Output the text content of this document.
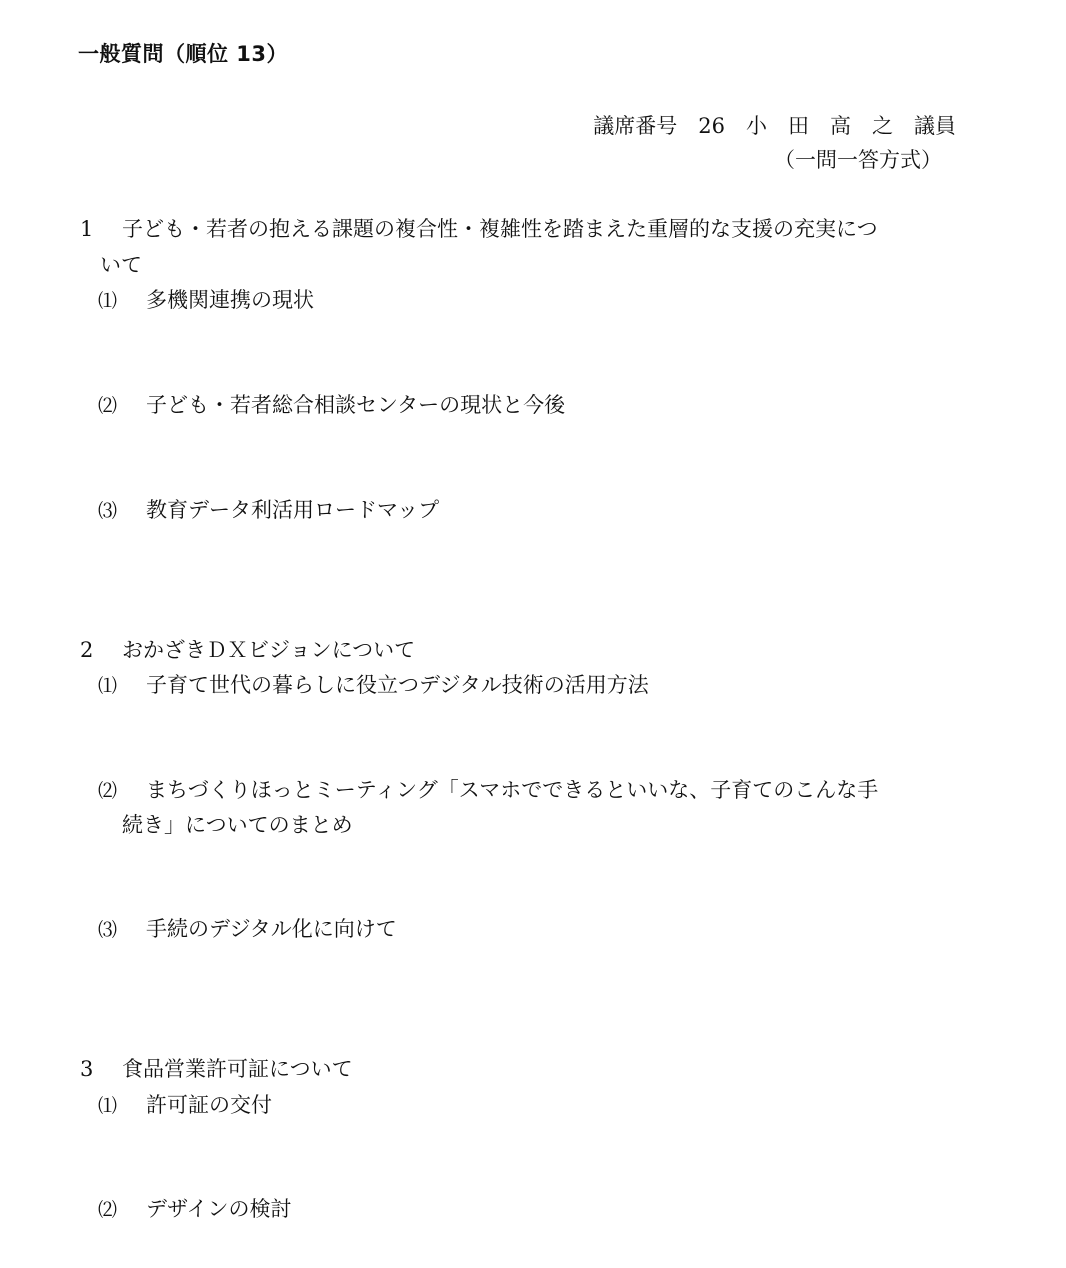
一般質問（順位 13）
議席番号　26　小　田　高　之　議員
（一問一答方式）
1 子ども・若者の抱える課題の複合性・複雑性を踏まえた重層的な支援の充実につ
いて
⑴ 多機関連携の現状
⑵ 子ども・若者総合相談センターの現状と今後
⑶ 教育データ利活用ロードマップ
2 おかざきＤＸビジョンについて
⑴ 子育て世代の暮らしに役立つデジタル技術の活用方法
⑵ まちづくりほっとミーティング「スマホでできるといいな、子育てのこんな手
続き」についてのまとめ
⑶ 手続のデジタル化に向けて
3 食品営業許可証について
⑴ 許可証の交付
⑵ デザインの検討
